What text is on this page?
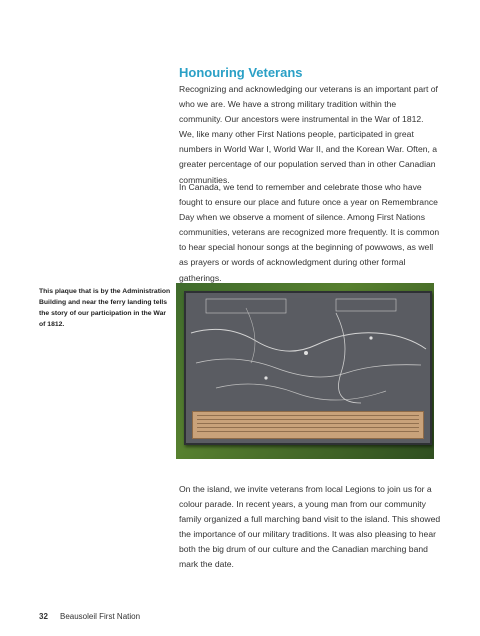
Honouring Veterans
Recognizing and acknowledging our veterans is an important part of who we are. We have a strong military tradition within the community. Our ancestors were instrumental in the War of 1812. We, like many other First Nations people, participated in great numbers in World War I, World War II, and the Korean War. Often, a greater percentage of our population served than in other Canadian communities.
In Canada, we tend to remember and celebrate those who have fought to ensure our place and future once a year on Remembrance Day when we observe a moment of silence. Among First Nations communities, veterans are recognized more frequently. It is common to hear special honour songs at the beginning of powwows, as well as prayers or words of acknowledgment during other formal gatherings.
This plaque that is by the Administration Building and near the ferry landing tells the story of our participation in the War of 1812.
On the island, we invite veterans from local Legions to join us for a colour parade. In recent years, a young man from our community family organized a full marching band visit to the island. This showed the importance of our military traditions. It was also pleasing to hear both the big drum of our culture and the Canadian marching band mark the date.
32 Beausoleil First Nation
